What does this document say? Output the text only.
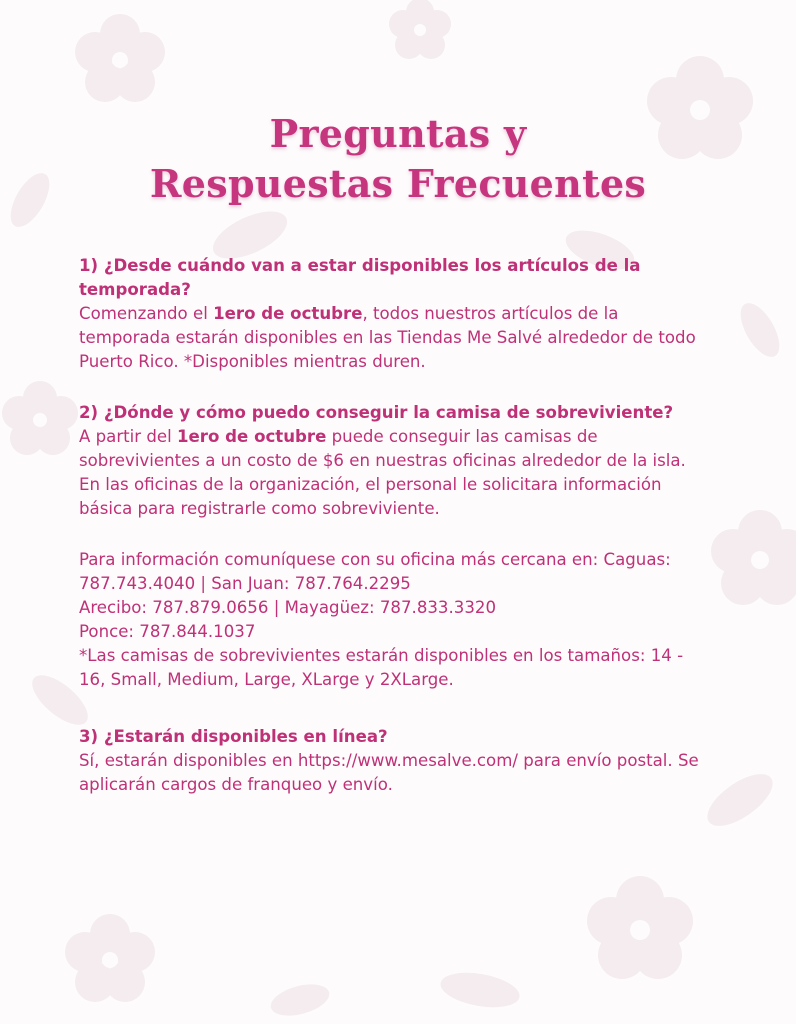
Preguntas y
Respuestas Frecuentes

1) ¿Desde cuándo van a estar disponibles los artículos de la temporada?

Comenzando el 1ero de octubre, todos nuestros artículos de la temporada estarán disponibles en las Tiendas Me Salvé alrededor de todo Puerto Rico. *Disponibles mientras duren.

2) ¿Dónde y cómo puedo conseguir la camisa de sobreviviente?

A partir del 1ero de octubre puede conseguir las camisas de sobrevivientes a un costo de $6 en nuestras oficinas alrededor de la isla. En las oficinas de la organización, el personal le solicitara información básica para registrarle como sobreviviente.

Para información comuníquese con su oficina más cercana en: Caguas: 787.743.4040 | San Juan: 787.764.2295

Arecibo: 787.879.0656 | Mayagüez: 787.833.3320

Ponce: 787.844.1037

*Las camisas de sobrevivientes estarán disponibles en los tamaños: 14 - 16, Small, Medium, Large, XLarge y 2XLarge.

3) ¿Estarán disponibles en línea?

Sí, estarán disponibles en https://www.mesalve.com/ para envío postal. Se aplicarán cargos de franqueo y envío.
